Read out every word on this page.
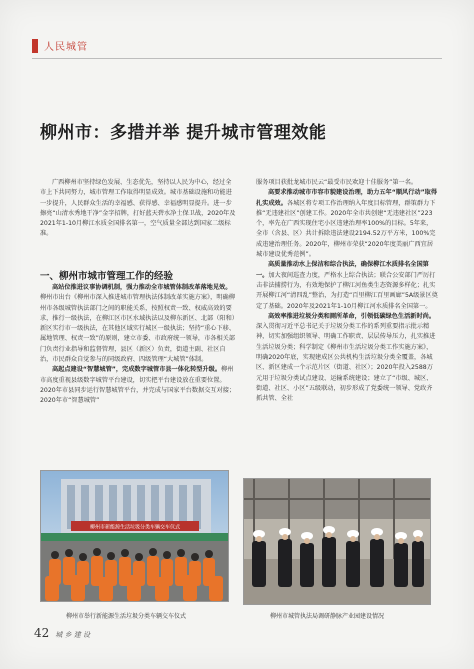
人民城管
柳州市：多措并举 提升城市管理效能

广西柳州市坚持绿色发展、生态优先，坚持以人民为中心，经过全市上下共同努力，城市管理工作取得明显成效。城市基础设施和功能进一步提升，人民群众生活的幸福感、获得感、幸福感明显提升。进一步擦亮“山清水秀地干净”金字招牌，打好蓝天碧水净土保卫战，2020年及2021年1-10月柳江水质全国排名第一，空气质量全部达到国家二级标准。

一、柳州市城市管理工作的经验

高站位推进议事协调机制，强力推动全市城管体制改革落地见效。柳州市出台《柳州市深入推进城市管理执法体制改革实施方案》，明确柳州市各级城管执法部门之间的职能关系，按照权责一致、权威高效的要求，推行一级执法，在柳江区市区水域执法以及柳东新区、北部（阳和）新区实行市一级执法，在其他区域实行城区一级执法；坚持“重心下移、属地管理、权责一致”的原则，建立市委、市政府统一领导，市各相关部门负责行业指导和监督管理，县区（新区）负责，街道主副、社区自治，市民群众自觉参与的同级政府、四级管理“大城管”体制。

高起点建设“智慧城管”，完成数字城管市县一体化转型升级。柳州市高度重视县级数字城管平台建设，切实把平台建设放在重要位置。2020年市县同步运行智慧城管平台，并完成与国家平台数据交互对接；2020年市“智慧城管”

服务项目获批龙城市民云“最受市民欢迎十佳服务”第一名。

高要求推动城市市容市貌建设治理，助力五年“顺风行动”取得扎实成效。各城区将专项工作治理纳入年度目标管理，群策群力下推“无违建社区”创建工作。2020年全市共创建“无违建社区”223个，率先在广西实现住宅小区违建治理率100%的目标。5年来，全市（含县、区）共计拆除违法建设2194.52万平方米，100%完成违建治理任务。2020年，柳州市荣获“2020年度美丽广西宜居城市建设优秀范例”。

高质量推动水上保洁和综合执法，确保柳江水质排名全国第一。加大夜间巡查力度，严格水上综合执法；联合公安部门严厉打击非法捕捞行为，有效地保护了柳江河鱼类生态资源多样化；扎实开展柳江河“清四乱”整治，为打造“百里柳江百里画廊”5A级景区奠定了基础。2020年及2021年1-10月柳江河水质排名全国第一。

高效率推进垃圾分类和厕所革命，引领低碳绿色生活新时尚。深入贯彻习近平总书记关于垃圾分类工作的系列重要指示批示精神，切实加强组织领导、明确工作职责、层层传导压力，扎实推进生活垃圾分类；科学制定《柳州市生活垃圾分类工作实施方案》，明确2020年底，实现建成区公共机构生活垃圾分类全覆盖，各城区、新区建成一个示范片区（街道、社区）；2020年投入2588万元用于垃圾分类试点建设、运输系统建设；建立了“市级、城区、街道、社区、小区”五级联动，初步形成了党委统一领导、党政齐抓共管、全社

柳州市新能源生活垃圾分类车辆交车仪式
柳州市举行新能源生活垃圾分类车辆交车仪式	柳州市城管执法局调研静脉产业园建设情况
42 城 乡 建 设
